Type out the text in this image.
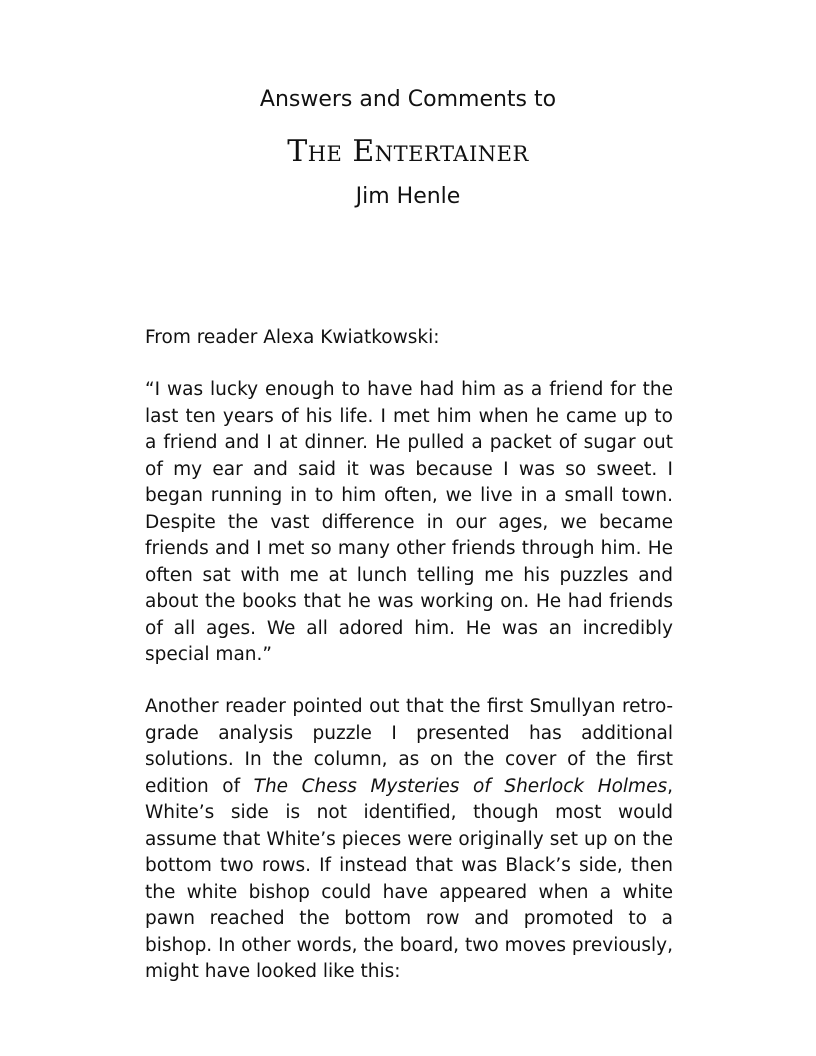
Answers and Comments to
The Entertainer
Jim Henle

From reader Alexa Kwiatkowski:

“I was lucky enough to have had him as a friend for the last ten years of his life. I met him when he came up to a friend and I at dinner. He pulled a packet of sugar out of my ear and said it was because I was so sweet. I began running in to him often, we live in a small town. Despite the vast difference in our ages, we became friends and I met so many other friends through him. He often sat with me at lunch telling me his puzzles and about the books that he was working on. He had friends of all ages. We all adored him. He was an incredibly special man.”

Another reader pointed out that the first Smullyan retrograde analysis puzzle I presented has additional solutions. In the column, as on the cover of the first edition of The Chess Mysteries of Sherlock Holmes, White’s side is not identified, though most would assume that White’s pieces were originally set up on the bottom two rows. If instead that was Black’s side, then the white bishop could have appeared when a white pawn reached the bottom row and promoted to a bishop. In other words, the board, two moves previously, might have looked like this:
